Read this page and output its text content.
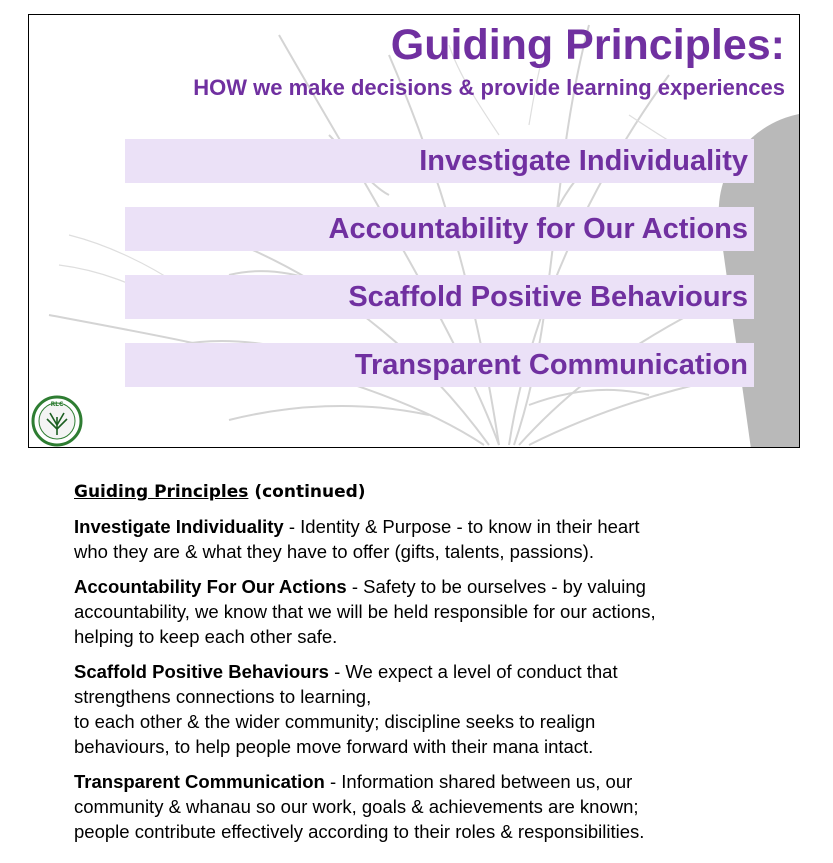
Guiding Principles:
HOW we make decisions & provide learning experiences
Investigate Individuality
Accountability for Our Actions
Scaffold Positive Behaviours
Transparent Communication
RLC

Guiding Principles (continued)

Investigate Individuality - Identity & Purpose - to know in their heart
who they are & what they have to offer (gifts, talents, passions).

Accountability For Our Actions - Safety to be ourselves - by valuing
accountability, we know that we will be held responsible for our actions,
helping to keep each other safe.

Scaffold Positive Behaviours - We expect a level of conduct that
strengthens connections to learning,
to each other & the wider community; discipline seeks to realign
behaviours, to help people move forward with their mana intact.

Transparent Communication - Information shared between us, our
community & whanau so our work, goals & achievements are known;
people contribute effectively according to their roles & responsibilities.
